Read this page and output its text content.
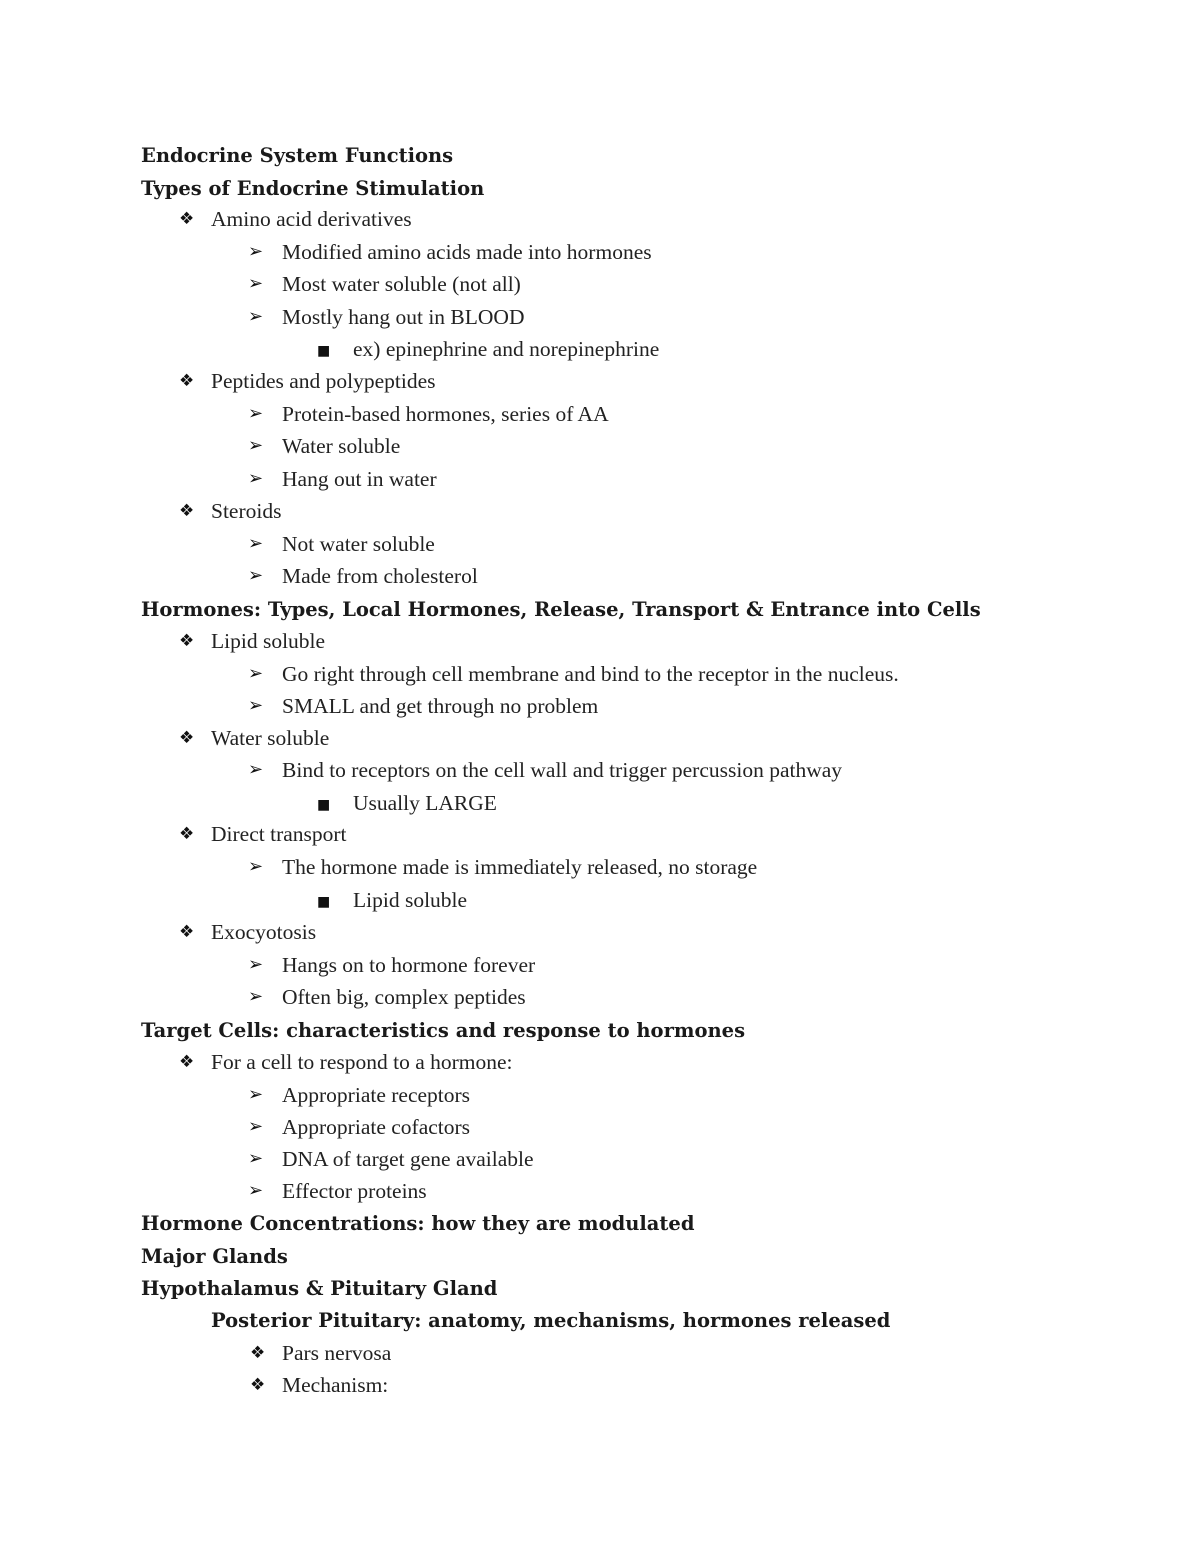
Endocrine System Functions
Types of Endocrine Stimulation
❖ Amino acid derivatives
➢ Modified amino acids made into hormones
➢ Most water soluble (not all)
➢ Mostly hang out in BLOOD
■ ex) epinephrine and norepinephrine
❖ Peptides and polypeptides
➢ Protein-based hormones, series of AA
➢ Water soluble
➢ Hang out in water
❖ Steroids
➢ Not water soluble
➢ Made from cholesterol
Hormones: Types, Local Hormones, Release, Transport & Entrance into Cells
❖ Lipid soluble
➢ Go right through cell membrane and bind to the receptor in the nucleus.
➢ SMALL and get through no problem
❖ Water soluble
➢ Bind to receptors on the cell wall and trigger percussion pathway
■ Usually LARGE
❖ Direct transport
➢ The hormone made is immediately released, no storage
■ Lipid soluble
❖ Exocyotosis
➢ Hangs on to hormone forever
➢ Often big, complex peptides
Target Cells: characteristics and response to hormones
❖ For a cell to respond to a hormone:
➢ Appropriate receptors
➢ Appropriate cofactors
➢ DNA of target gene available
➢ Effector proteins
Hormone Concentrations: how they are modulated
Major Glands
Hypothalamus & Pituitary Gland
Posterior Pituitary: anatomy, mechanisms, hormones released
❖ Pars nervosa
❖ Mechanism:
